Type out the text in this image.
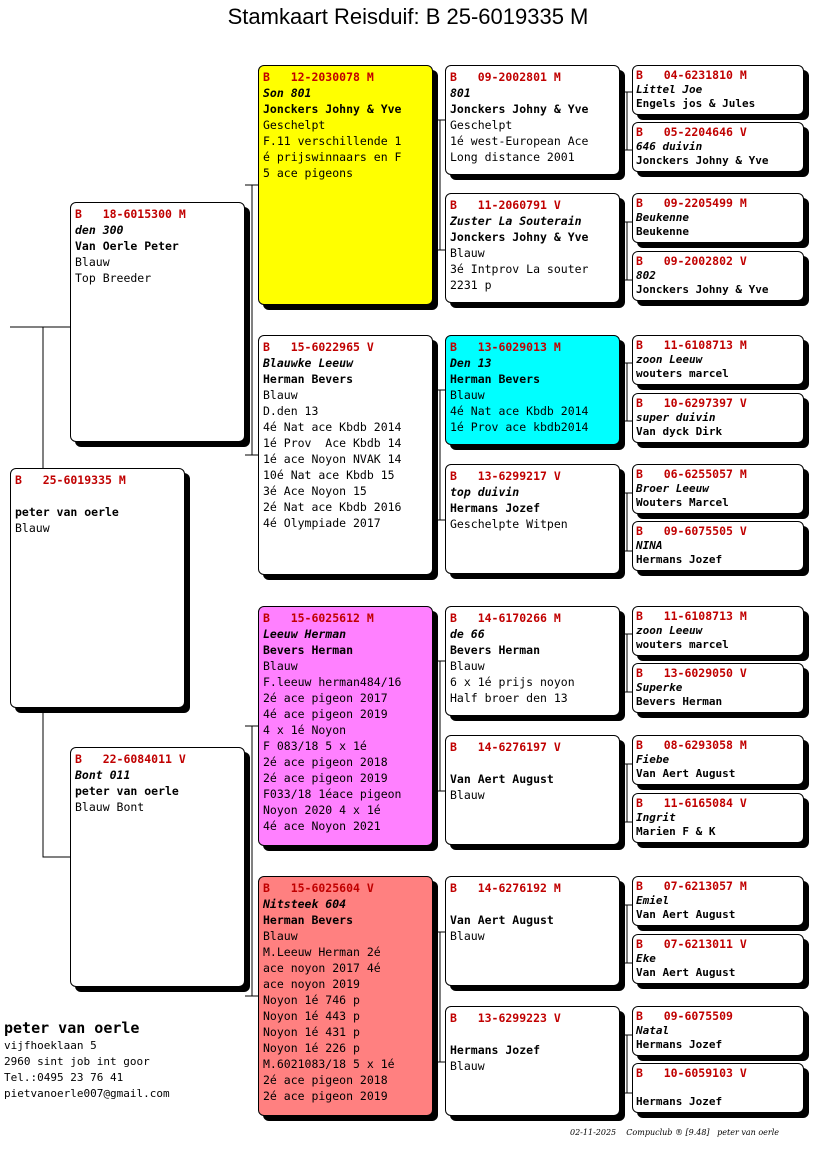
Stamkaart Reisduif: B 25-6019335 M
B   25-6019335 M

peter van oerle
Blauw
B   18-6015300 M
den 300
Van Oerle Peter
Blauw
Top Breeder
B   22-6084011 V
Bont 011
peter van oerle
Blauw Bont
B   12-2030078 M
Son 801
Jonckers Johny & Yve
Geschelpt
F.11 verschillende 1
é prijswinnaars en F
5 ace pigeons
B   15-6022965 V
Blauwke Leeuw
Herman Bevers
Blauw
D.den 13
4é Nat ace Kbdb 2014
1é Prov  Ace Kbdb 14
1é ace Noyon NVAK 14
10é Nat ace Kbdb 15
3é Ace Noyon 15
2é Nat ace Kbdb 2016
4é Olympiade 2017
B   15-6025612 M
Leeuw Herman
Bevers Herman
Blauw
F.leeuw herman484/16
2é ace pigeon 2017
4é ace pigeon 2019
4 x 1é Noyon
F 083/18 5 x 1é
2é ace pigeon 2018
2é ace pigeon 2019
F033/18 1éace pigeon
Noyon 2020 4 x 1é
4é ace Noyon 2021
B   15-6025604 V
Nitsteek 604
Herman Bevers
Blauw
M.Leeuw Herman 2é
ace noyon 2017 4é
ace noyon 2019
Noyon 1é 746 p
Noyon 1é 443 p
Noyon 1é 431 p
Noyon 1é 226 p
M.6021083/18 5 x 1é
2é ace pigeon 2018
2é ace pigeon 2019
B   09-2002801 M
801
Jonckers Johny & Yve
Geschelpt
1é west-European Ace
Long distance 2001
B   11-2060791 V
Zuster La Souterain
Jonckers Johny & Yve
Blauw
3é Intprov La souter
2231 p
B   13-6029013 M
Den 13
Herman Bevers
Blauw
4é Nat ace Kbdb 2014
1é Prov ace kbdb2014
B   13-6299217 V
top duivin
Hermans Jozef
Geschelpte Witpen
B   14-6170266 M
de 66
Bevers Herman
Blauw
6 x 1é prijs noyon
Half broer den 13
B   14-6276197 V

Van Aert August
Blauw
B   14-6276192 M

Van Aert August
Blauw
B   13-6299223 V

Hermans Jozef
Blauw
B   04-6231810 M
Littel Joe
Engels jos & Jules
B   05-2204646 V
646 duivin
Jonckers Johny & Yve
B   09-2205499 M
Beukenne
Beukenne
B   09-2002802 V
802
Jonckers Johny & Yve
B   11-6108713 M
zoon Leeuw
wouters marcel
B   10-6297397 V
super duivin
Van dyck Dirk
B   06-6255057 M
Broer Leeuw
Wouters Marcel
B   09-6075505 V
NINA
Hermans Jozef
B   11-6108713 M
zoon Leeuw
wouters marcel
B   13-6029050 V
Superke
Bevers Herman
B   08-6293058 M
Fiebe
Van Aert August
B   11-6165084 V
Ingrit
Marien F & K
B   07-6213057 M
Emiel
Van Aert August
B   07-6213011 V
Eke
Van Aert August
B   09-6075509
Natal
Hermans Jozef
B   10-6059103 V

Hermans Jozef
peter van oerle
vijfhoeklaan 5
2960 sint job int goor
Tel.:0495 23 76 41
pietvanoerle007@gmail.com
02-11-2025    Compuclub ® [9.48]   peter van oerle
